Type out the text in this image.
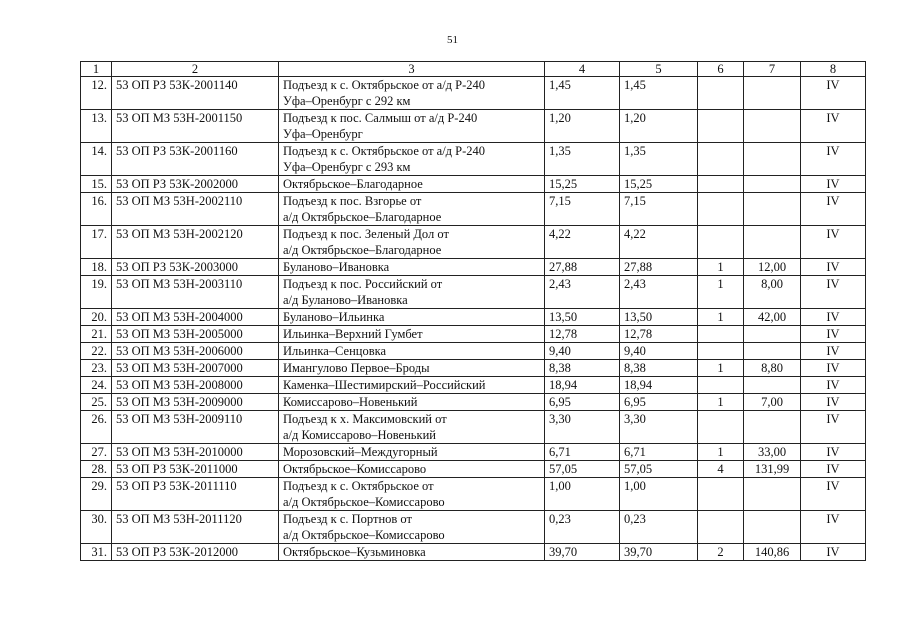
51
1	2	3	4	5	6	7	8
12.	53 ОП РЗ 53К-2001140	Подъезд к с. Октябрьское от а/д Р-240
Уфа–Оренбург с 292 км	1,45	1,45			IV
13.	53 ОП МЗ 53Н-2001150	Подъезд к пос. Салмыш от а/д Р-240
Уфа–Оренбург	1,20	1,20			IV
14.	53 ОП РЗ 53К-2001160	Подъезд к с. Октябрьское от а/д Р-240
Уфа–Оренбург с 293 км	1,35	1,35			IV
15.	53 ОП РЗ 53К-2002000	Октябрьское–Благодарное	15,25	15,25			IV
16.	53 ОП МЗ 53Н-2002110	Подъезд к пос. Взгорье от
а/д Октябрьское–Благодарное	7,15	7,15			IV
17.	53 ОП МЗ 53Н-2002120	Подъезд к пос. Зеленый Дол от
а/д Октябрьское–Благодарное	4,22	4,22			IV
18.	53 ОП РЗ 53К-2003000	Буланово–Ивановка	27,88	27,88	1	12,00	IV
19.	53 ОП МЗ 53Н-2003110	Подъезд к пос. Российский от
а/д Буланово–Ивановка	2,43	2,43	1	8,00	IV
20.	53 ОП МЗ 53Н-2004000	Буланово–Ильинка	13,50	13,50	1	42,00	IV
21.	53 ОП МЗ 53Н-2005000	Ильинка–Верхний Гумбет	12,78	12,78			IV
22.	53 ОП МЗ 53Н-2006000	Ильинка–Сенцовка	9,40	9,40			IV
23.	53 ОП МЗ 53Н-2007000	Имангулово Первое–Броды	8,38	8,38	1	8,80	IV
24.	53 ОП МЗ 53Н-2008000	Каменка–Шестимирский–Российский	18,94	18,94			IV
25.	53 ОП МЗ 53Н-2009000	Комиссарово–Новенький	6,95	6,95	1	7,00	IV
26.	53 ОП МЗ 53Н-2009110	Подъезд к х. Максимовский от
а/д Комиссарово–Новенький	3,30	3,30			IV
27.	53 ОП МЗ 53Н-2010000	Морозовский–Междугорный	6,71	6,71	1	33,00	IV
28.	53 ОП РЗ 53К-2011000	Октябрьское–Комиссарово	57,05	57,05	4	131,99	IV
29.	53 ОП РЗ 53К-2011110	Подъезд к с. Октябрьское от
а/д Октябрьское–Комиссарово	1,00	1,00			IV
30.	53 ОП МЗ 53Н-2011120	Подъезд к с. Портнов от
а/д Октябрьское–Комиссарово	0,23	0,23			IV
31.	53 ОП РЗ 53К-2012000	Октябрьское–Кузьминовка	39,70	39,70	2	140,86	IV
